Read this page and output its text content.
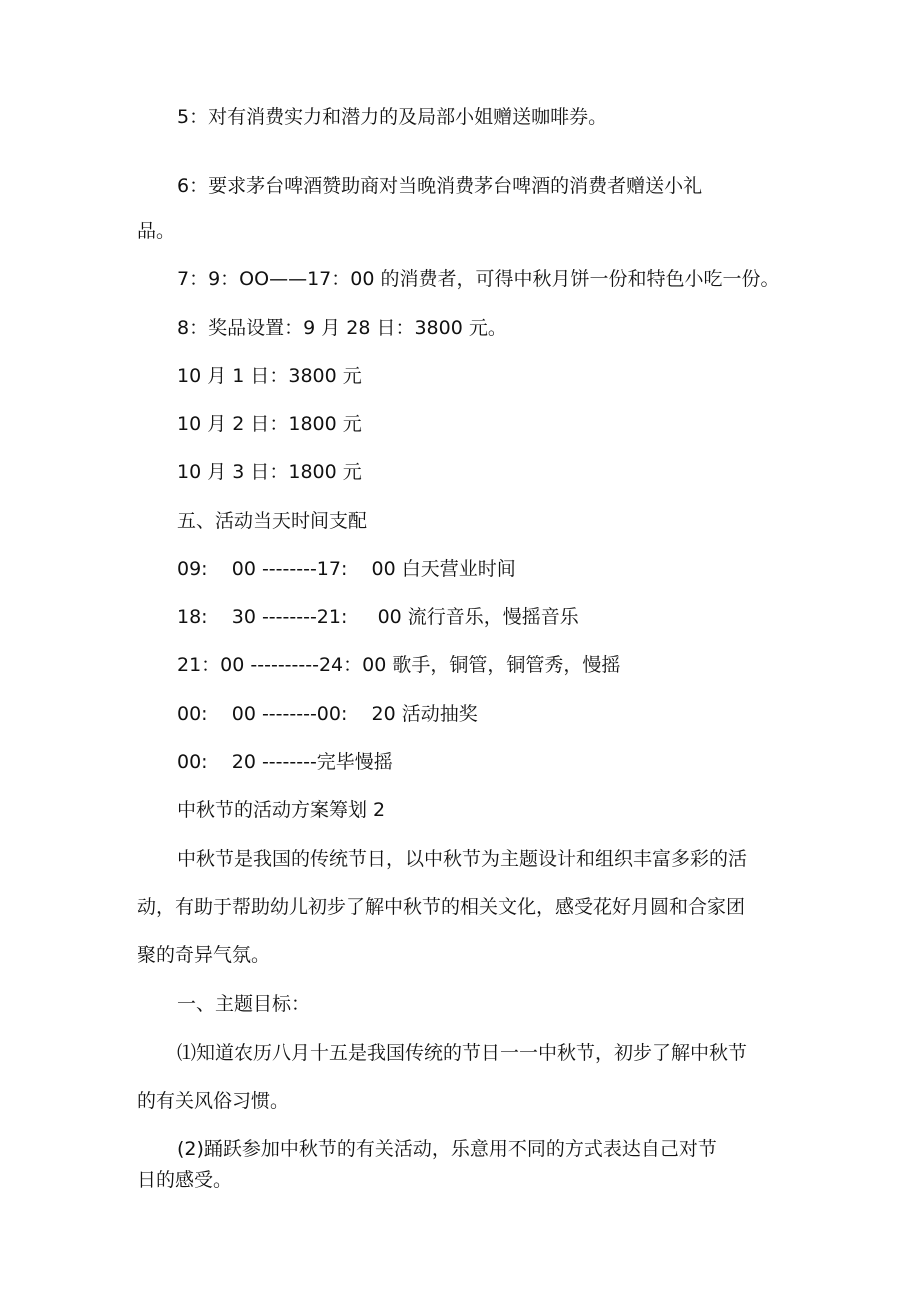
5：对有消费实力和潜力的及局部小姐赠送咖啡券。

6：要求茅台啤酒赞助商对当晚消费茅台啤酒的消费者赠送小礼

品。

7：9：OO——17：00 的消费者，可得中秋月饼一份和特色小吃一份。

8：奖品设置：9 月 28 日：3800 元。

10 月 1 日：3800 元

10 月 2 日：1800 元

10 月 3 日：1800 元

五、活动当天时间支配

09:    00 --------17:    00 白天营业时间

18:    30 --------21:     00 流行音乐，慢摇音乐

21：00 ----------24：00 歌手，铜管，铜管秀，慢摇

00:    00 --------00:    20 活动抽奖

00:    20 --------完毕慢摇

中秋节的活动方案筹划 2

中秋节是我国的传统节日，以中秋节为主题设计和组织丰富多彩的活

动，有助于帮助幼儿初步了解中秋节的相关文化，感受花好月圆和合家团

聚的奇异气氛。

一、主题目标：

⑴知道农历八月十五是我国传统的节日一一中秋节，初步了解中秋节

的有关风俗习惯。

(2)踊跃参加中秋节的有关活动，乐意用不同的方式表达自己对节

日的感受。
